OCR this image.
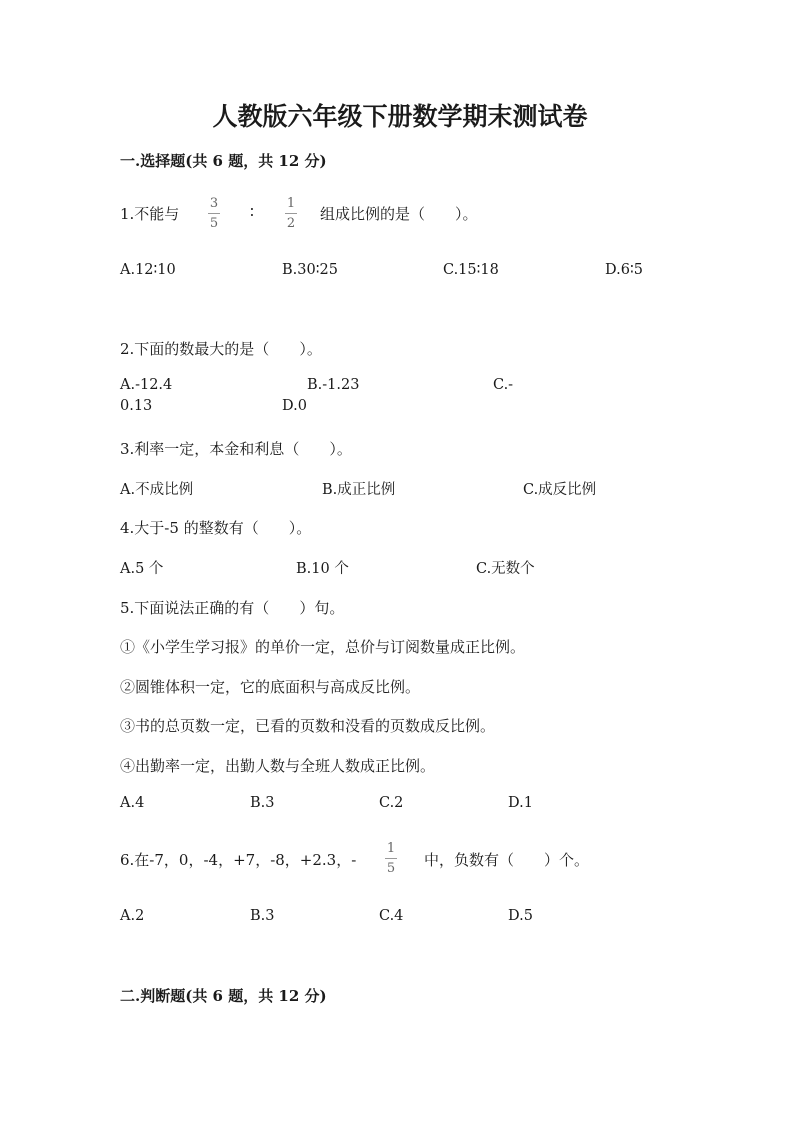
人教版六年级下册数学期末测试卷
一.选择题(共 6 题，共 12 分)
1.不能与
3
5
∶	1
2
组成比例的是（　　）。
A.12∶10	B.30∶25	C.15∶18	D.6∶5
2.下面的数最大的是（　　）。
A.-12.4	B.-1.23	C.-
0.13	D.0
3.利率一定，本金和利息（　　）。
A.不成比例	B.成正比例	C.成反比例
4.大于-5 的整数有（　　）。
A.5 个	B.10 个	C.无数个
5.下面说法正确的有（　　）句。
①《小学生学习报》的单价一定，总价与订阅数量成正比例。
②圆锥体积一定，它的底面积与高成反比例。
③书的总页数一定，已看的页数和没看的页数成反比例。
④出勤率一定，出勤人数与全班人数成正比例。
A.4	B.3	C.2	D.1
6.在-7，0，-4，+7，-8，+2.3，-
1
5 中，负数有（　　）个。
A.2	B.3	C.4	D.5
二.判断题(共 6 题，共 12 分)
